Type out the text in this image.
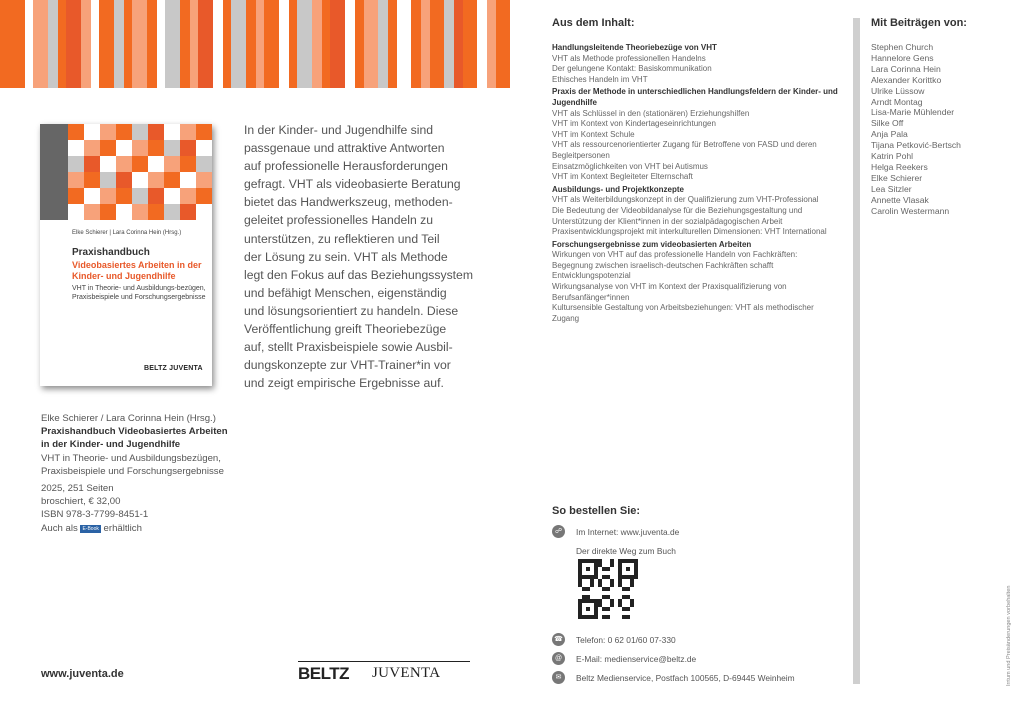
Elke Schierer | Lara Corinna Hein (Hrsg.)
Praxishandbuch
Videobasiertes Arbeiten in der Kinder- und Jugendhilfe
VHT in Theorie- und Ausbildungs-bezügen, Praxisbeispiele und Forschungsergebnisse
BELTZ JUVENTA
In der Kinder- und Jugendhilfe sind
passgenaue und attraktive Antworten
auf professionelle Herausforderungen
gefragt. VHT als videobasierte Beratung
bietet das Handwerkszeug, methoden-
geleitet professionelles Handeln zu
unterstützen, zu reflektieren und Teil
der Lösung zu sein. VHT als Methode
legt den Fokus auf das Beziehungssystem
und befähigt Menschen, eigenständig
und lösungsorientiert zu handeln. Diese
Veröffentlichung greift Theoriebezüge
auf, stellt Praxisbeispiele sowie Ausbil-
dungskonzepte zur VHT-Trainer*in vor
und zeigt empirische Ergebnisse auf.
Elke Schierer / Lara Corinna Hein (Hrsg.)
Praxishandbuch Videobasiertes Arbeiten in der Kinder- und Jugendhilfe
VHT in Theorie- und Ausbildungsbezügen, Praxisbeispiele und Forschungsergebnisse
2025, 251 Seiten
broschiert, € 32,00
ISBN 978-3-7799-8451-1
Auch als E-Book erhältlich
www.juventa.de	BELTZ JUVENTA
Aus dem Inhalt:
Handlungsleitende Theoriebezüge von VHT
VHT als Methode professionellen Handelns
Der gelungene Kontakt: Basiskommunikation
Ethisches Handeln im VHT
Praxis der Methode in unterschiedlichen Handlungsfeldern der Kinder- und Jugendhilfe
VHT als Schlüssel in den (stationären) Erziehungshilfen
VHT im Kontext von Kindertageseinrichtungen
VHT im Kontext Schule
VHT als ressourcenorientierter Zugang für Betroffene von FASD und deren Begleitpersonen
Einsatzmöglichkeiten von VHT bei Autismus
VHT im Kontext Begleiteter Elternschaft
Ausbildungs- und Projektkonzepte
VHT als Weiterbildungskonzept in der Qualifizierung zum VHT-Professional
Die Bedeutung der Videobildanalyse für die Beziehungsgestaltung und Unterstützung der Klient*innen in der sozialpädagogischen Arbeit
Praxisentwicklungsprojekt mit interkulturellen Dimensionen: VHT International
Forschungsergebnisse zum videobasierten Arbeiten
Wirkungen von VHT auf das professionelle Handeln von Fachkräften: Begegnung zwischen israelisch-deutschen Fachkräften schafft Entwicklungspotenzial
Wirkungsanalyse von VHT im Kontext der Praxisqualifizierung von Berufsanfänger*innen
Kultursensible Gestaltung von Arbeitsbeziehungen: VHT als methodischer Zugang
So bestellen Sie:
☍	Im Internet: www.juventa.de
Der direkte Weg zum Buch
☎ Telefon: 0 62 01/60 07-330
@	E-Mail: medienservice@beltz.de
✉	Beltz Medienservice, Postfach 100565, D-69445 Weinheim
Mit Beiträgen von:
Stephen Church
Hannelore Gens
Lara Corinna Hein
Alexander Korittko
Ulrike Lüssow
Arndt Montag
Lisa-Marie Mühlender
Silke Off
Anja Pala
Tijana Petković-Bertsch
Katrin Pohl
Helga Reekers
Elke Schierer
Lea Sitzler
Annette Vlasak
Carolin Westermann
Irrtum und Preisänderungen vorbehalten
